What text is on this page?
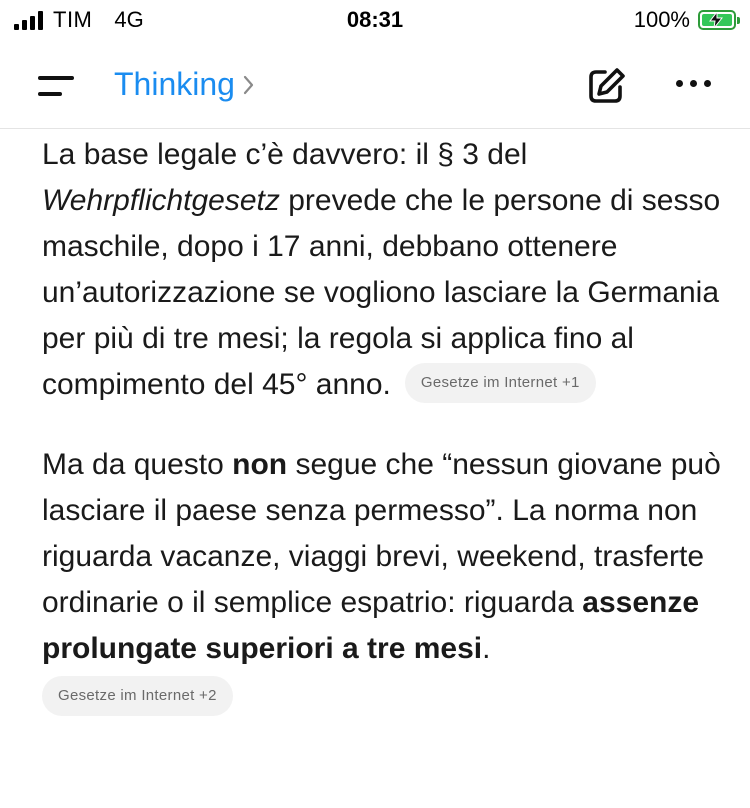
TIM 4G	08:31	100%
Thinking

La base legale c’è davvero: il § 3 del Wehrpflichtgesetz prevede che le persone di sesso maschile, dopo i 17 anni, debbano ottenere un’autorizzazione se vogliono lasciare la Germania per più di tre mesi; la regola si applica fino al compimento del 45° anno. Gesetze im Internet +1

Ma da questo non segue che “nessun giovane può lasciare il paese senza permesso”. La norma non riguarda vacanze, viaggi brevi, weekend, trasferte ordinarie o il semplice espatrio: riguarda assenze prolungate superiori a tre mesi.

Gesetze im Internet +2
